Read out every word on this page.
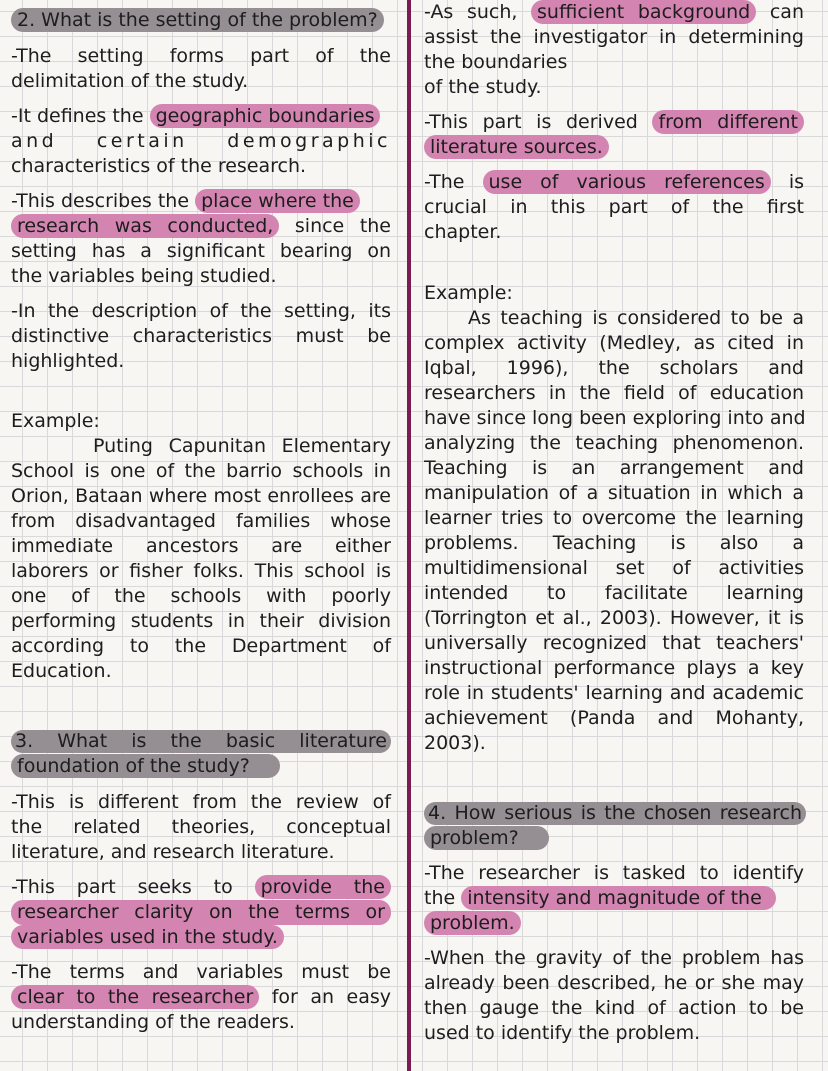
2. What is the setting of the problem?
-The setting forms part of the
delimitation of the study.
-It defines the geographic boundaries
and certain demographic
characteristics of the research.
-This describes the place where the
research was conducted, since the
setting has a significant bearing on
the variables being studied.
-In the description of the setting, its
distinctive characteristics must be
highlighted.
Example:
Puting Capunitan Elementary
School is one of the barrio schools in
Orion, Bataan where most enrollees are
from disadvantaged families whose
immediate ancestors are either
laborers or fisher folks. This school is
one of the schools with poorly
performing students in their division
according to the Department of
Education.
3. What is the basic literature
foundation of the study?
-This is different from the review of
the related theories, conceptual
literature, and research literature.
-This part seeks to provide the
researcher clarity on the terms or
variables used in the study.
-The terms and variables must be
clear to the researcher for an easy
understanding of the readers.
-As such, sufficient background can
assist the investigator in determining
the boundaries
of the study.
-This part is derived from different
literature sources.
-The use of various references is
crucial in this part of the first
chapter.
Example:
As teaching is considered to be a
complex activity (Medley, as cited in
Iqbal, 1996), the scholars and
researchers in the field of education
have since long been exploring into and
analyzing the teaching phenomenon.
Teaching is an arrangement and
manipulation of a situation in which a
learner tries to overcome the learning
problems. Teaching is also a
multidimensional set of activities
intended to facilitate learning
(Torrington et al., 2003). However, it is
universally recognized that teachers'
instructional performance plays a key
role in students' learning and academic
achievement (Panda and Mohanty,
2003).
4. How serious is the chosen research
problem?
-The researcher is tasked to identify
the intensity and magnitude of the
problem.
-When the gravity of the problem has
already been described, he or she may
then gauge the kind of action to be
used to identify the problem.
